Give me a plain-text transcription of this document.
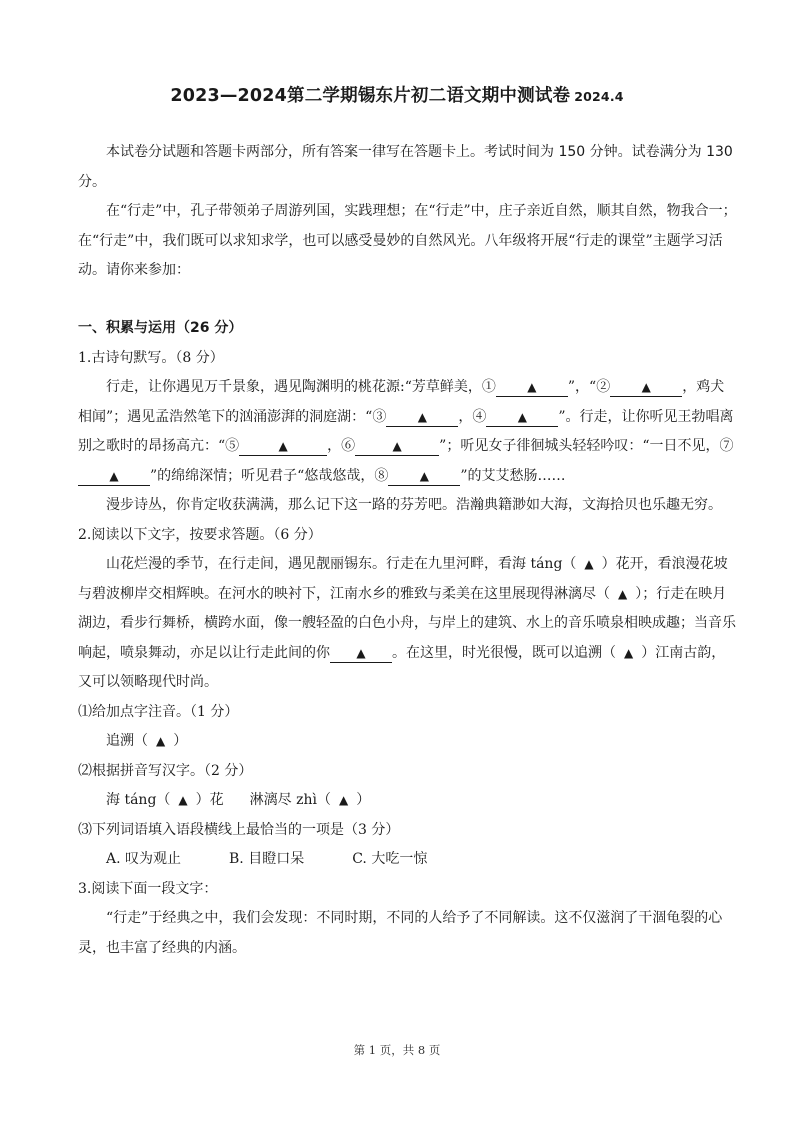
2023—2024第二学期锡东片初二语文期中测试卷 2024.4

本试卷分试题和答题卡两部分，所有答案一律写在答题卡上。考试时间为 150 分钟。试卷满分为 130 分。

在“行走”中，孔子带领弟子周游列国，实践理想；在“行走”中，庄子亲近自然，顺其自然，物我合一；在“行走”中，我们既可以求知求学，也可以感受曼妙的自然风光。八年级将开展“行走的课堂”主题学习活动。请你来参加：

一、积累与运用（26 分）

1.古诗句默写。（8 分）

行走，让你遇见万千景象，遇见陶渊明的桃花源:“芳草鲜美，①	▲ ”，“②	▲ ，鸡犬相闻”；遇见孟浩然笔下的汹涌澎湃的洞庭湖：“③	▲ ，④	▲ ”。行走，让你听见王勃唱离别之歌时的昂扬高亢：“⑤	▲	，⑥	▲	”；听见女子徘徊城头轻轻吟叹：“一日不见，⑦▲ ”的绵绵深情；听见君子“悠哉悠哉，⑧	▲ ”的艾艾愁肠……

漫步诗丛，你肯定收获满满，那么记下这一路的芬芳吧。浩瀚典籍渺如大海，文海拾贝也乐趣无穷。

2.阅读以下文字，按要求答题。（6 分）

山花烂漫的季节，在行走间，遇见靓丽锡东。行走在九里河畔，看海 táng（ ▲ ）花开，看浪漫花坡与碧波柳岸交相辉映。在河水的映衬下，江南水乡的雅致与柔美在这里展现得淋漓尽（ ▲ ）；行走在映月湖边，看步行舞桥，横跨水面，像一艘轻盈的白色小舟，与岸上的建筑、水上的音乐喷泉相映成趣；当音乐响起，喷泉舞动，亦足以让行走此间的你 ▲ 。在这里，时光很慢，既可以追溯（ ▲ ）江南古韵，又可以领略现代时尚。

⑴给加点字注音。（1 分）

追溯（ ▲ ）

⑵根据拼音写汉字。（2 分）

海 táng（ ▲ ）花 淋漓尽 zhì（ ▲ ）

⑶下列词语填入语段横线上最恰当的一项是（3 分）

A. 叹为观止	B. 目瞪口呆	C. 大吃一惊

3.阅读下面一段文字：

“行走”于经典之中，我们会发现：不同时期，不同的人给予了不同解读。这不仅滋润了干涸龟裂的心灵，也丰富了经典的内涵。

第 1 页，共 8 页
